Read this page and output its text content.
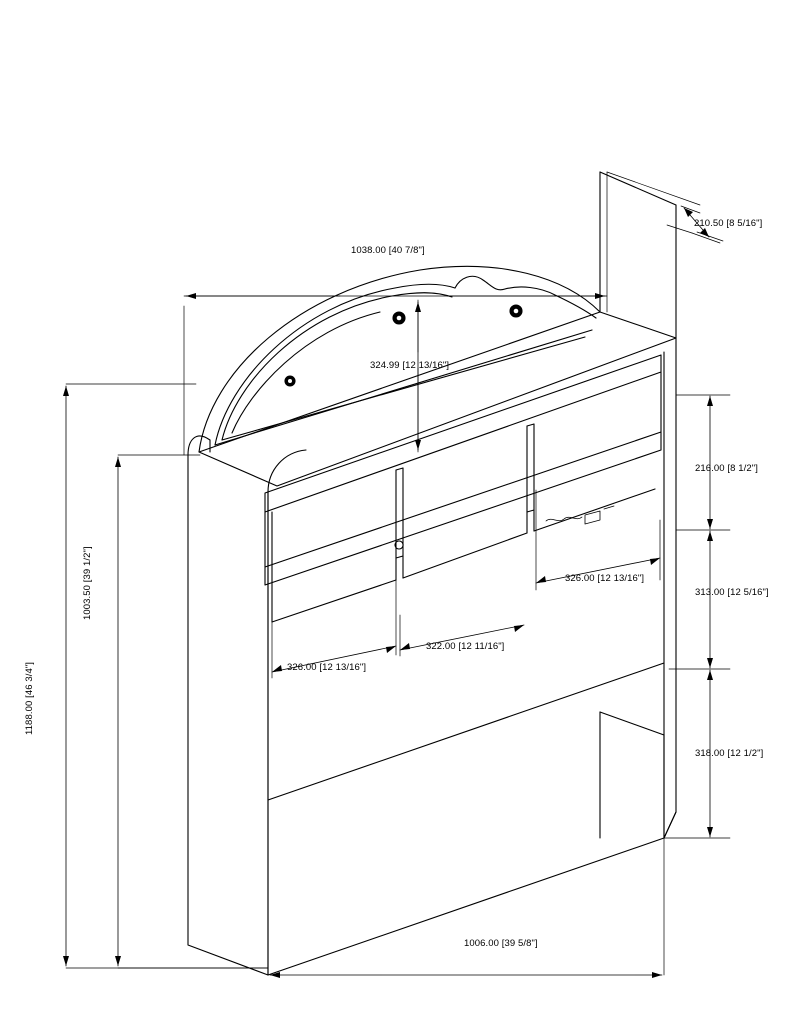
1038.00 [40 7/8"]
210.50 [8 5/16"]
324.99 [12 13/16"]
216.00 [8 1/2"]
326.00 [12 13/16"]
313.00 [12 5/16"]
322.00 [12 11/16"]
326.00 [12 13/16"]
318.00 [12 1/2"]
1003.50 [39 1/2"]
1188.00 [46 3/4"]
1006.00 [39 5/8"]
